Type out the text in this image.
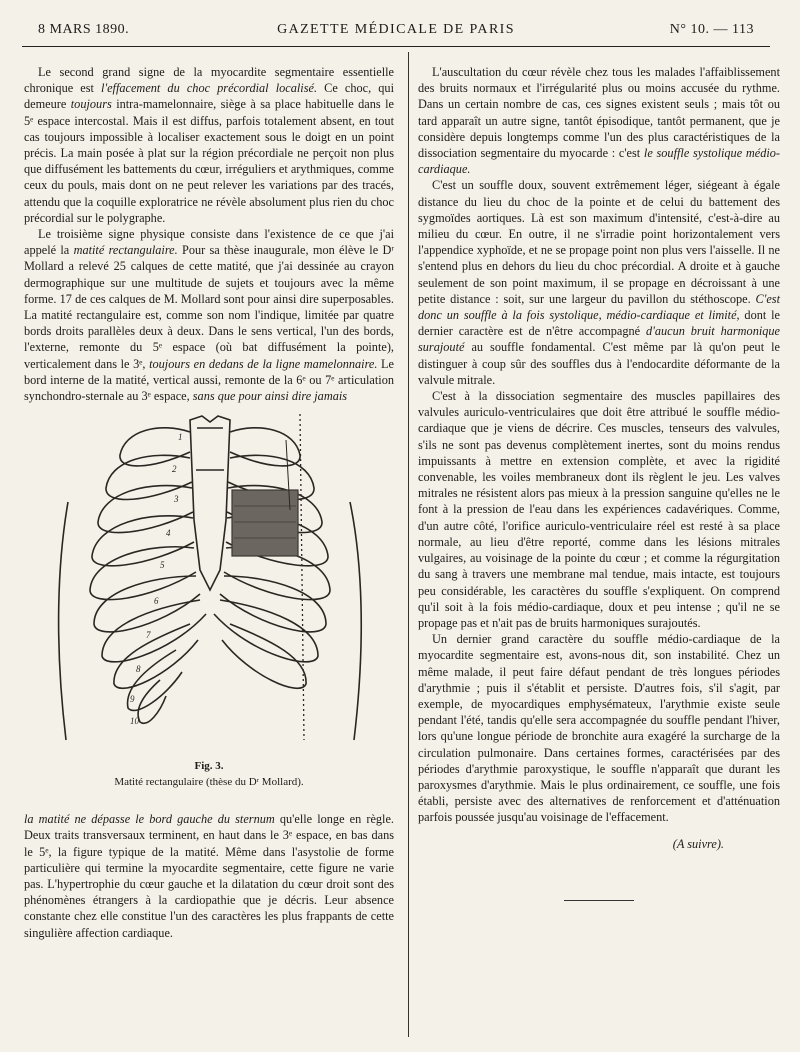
8 MARS 1890.	GAZETTE MÉDICALE DE PARIS	N° 10. — 113

Le second grand signe de la myocardite segmentaire essentielle chronique est l'effacement du choc précordial localisé. Ce choc, qui demeure toujours intra-mamelonnaire, siège à sa place habituelle dans le 5ᵉ espace intercostal. Mais il est diffus, parfois totalement absent, en tout cas toujours impossible à localiser exactement sous le doigt en un point précis. La main posée à plat sur la région précordiale ne perçoit non plus que diffusément les battements du cœur, irréguliers et arythmiques, comme ceux du pouls, mais dont on ne peut relever les variations par des tracés, attendu que la coquille exploratrice ne révèle absolument plus rien du choc précordial sur le polygraphe.

Le troisième signe physique consiste dans l'existence de ce que j'ai appelé la matité rectangulaire. Pour sa thèse inaugurale, mon élève le Dʳ Mollard a relevé 25 calques de cette matité, que j'ai dessinée au crayon dermographique sur une multitude de sujets et toujours avec la même forme. 17 de ces calques de M. Mollard sont pour ainsi dire superposables. La matité rectangulaire est, comme son nom l'indique, limitée par quatre bords droits parallèles deux à deux. Dans le sens vertical, l'un des bords, l'externe, remonte du 5ᵉ espace (où bat diffusément la pointe), verticalement dans le 3ᵉ, toujours en dedans de la ligne mamelonnaire. Le bord interne de la matité, vertical aussi, remonte de la 6ᵉ ou 7ᵉ articulation synchondro-sternale au 3ᵉ espace, sans que pour ainsi dire jamais

1
2
3
4
5
6
7
8
9
10
Fig. 3.
Matité rectangulaire (thèse du Dʳ Mollard).

la matité ne dépasse le bord gauche du sternum qu'elle longe en règle. Deux traits transversaux terminent, en haut dans le 3ᵉ espace, en bas dans le 5ᵉ, la figure typique de la matité. Même dans l'asystolie de forme particulière qui termine la myocardite segmentaire, cette figure ne varie pas. L'hypertrophie du cœur gauche et la dilatation du cœur droit sont des phénomènes étrangers à la cardiopathie que je décris. Leur absence constante chez elle constitue l'un des caractères les plus frappants de cette singulière affection cardiaque.

L'auscultation du cœur révèle chez tous les malades l'affaiblissement des bruits normaux et l'irrégularité plus ou moins accusée du rythme. Dans un certain nombre de cas, ces signes existent seuls ; mais tôt ou tard apparaît un autre signe, tantôt épisodique, tantôt permanent, que je considère depuis longtemps comme l'un des plus caractéristiques de la dissociation segmentaire du myocarde : c'est le souffle systolique médio-cardiaque.

C'est un souffle doux, souvent extrêmement léger, siégeant à égale distance du lieu du choc de la pointe et de celui du battement des sygmoïdes aortiques. Là est son maximum d'intensité, c'est-à-dire au milieu du cœur. En outre, il ne s'irradie point horizontalement vers l'appendice xyphoïde, et ne se propage point non plus vers l'aisselle. Il ne s'entend plus en dehors du lieu du choc précordial. A droite et à gauche seulement de son point maximum, il se propage en décroissant à une petite distance : soit, sur une largeur du pavillon du stéthoscope. C'est donc un souffle à la fois systolique, médio-cardiaque et limité, dont le dernier caractère est de n'être accompagné d'aucun bruit harmonique surajouté au souffle fondamental. C'est même par là qu'on peut le distinguer à coup sûr des souffles dus à l'endocardite déformante de la valvule mitrale.

C'est à la dissociation segmentaire des muscles papillaires des valvules auriculo-ventriculaires que doit être attribué le souffle médio-cardiaque que je viens de décrire. Ces muscles, tenseurs des valvules, s'ils ne sont pas devenus complètement inertes, sont du moins rendus impuissants à mettre en extension complète, et avec la rigidité convenable, les voiles membraneux dont ils règlent le jeu. Les valves mitrales ne résistent alors pas mieux à la pression sanguine qu'elles ne le font à la pression de l'eau dans les expériences cadavériques. Comme, d'un autre côté, l'orifice auriculo-ventriculaire réel est resté à sa place normale, au lieu d'être reporté, comme dans les lésions mitrales vulgaires, au voisinage de la pointe du cœur ; et comme la régurgitation du sang à travers une membrane mal tendue, mais intacte, est toujours peu considérable, les caractères du souffle s'expliquent. On comprend qu'il soit à la fois médio-cardiaque, doux et peu intense ; qu'il ne se propage pas et n'ait pas de bruits harmoniques surajoutés.

Un dernier grand caractère du souffle médio-cardiaque de la myocardite segmentaire est, avons-nous dit, son instabilité. Chez un même malade, il peut faire défaut pendant de très longues périodes d'arythmie ; puis il s'établit et persiste. D'autres fois, s'il s'agit, par exemple, de myocardiques emphysémateux, l'arythmie existe seule pendant l'été, tandis qu'elle sera accompagnée du souffle pendant l'hiver, lors qu'une longue période de bronchite aura exagéré la surcharge de la circulation pulmonaire. Dans certaines formes, caractérisées par des périodes d'arythmie paroxystique, le souffle n'apparaît que durant les paroxysmes d'arythmie. Mais le plus ordinairement, ce souffle, une fois établi, persiste avec des alternatives de renforcement et d'atténuation parfois poussée jusqu'au voisinage de l'effacement.

(A suivre).
